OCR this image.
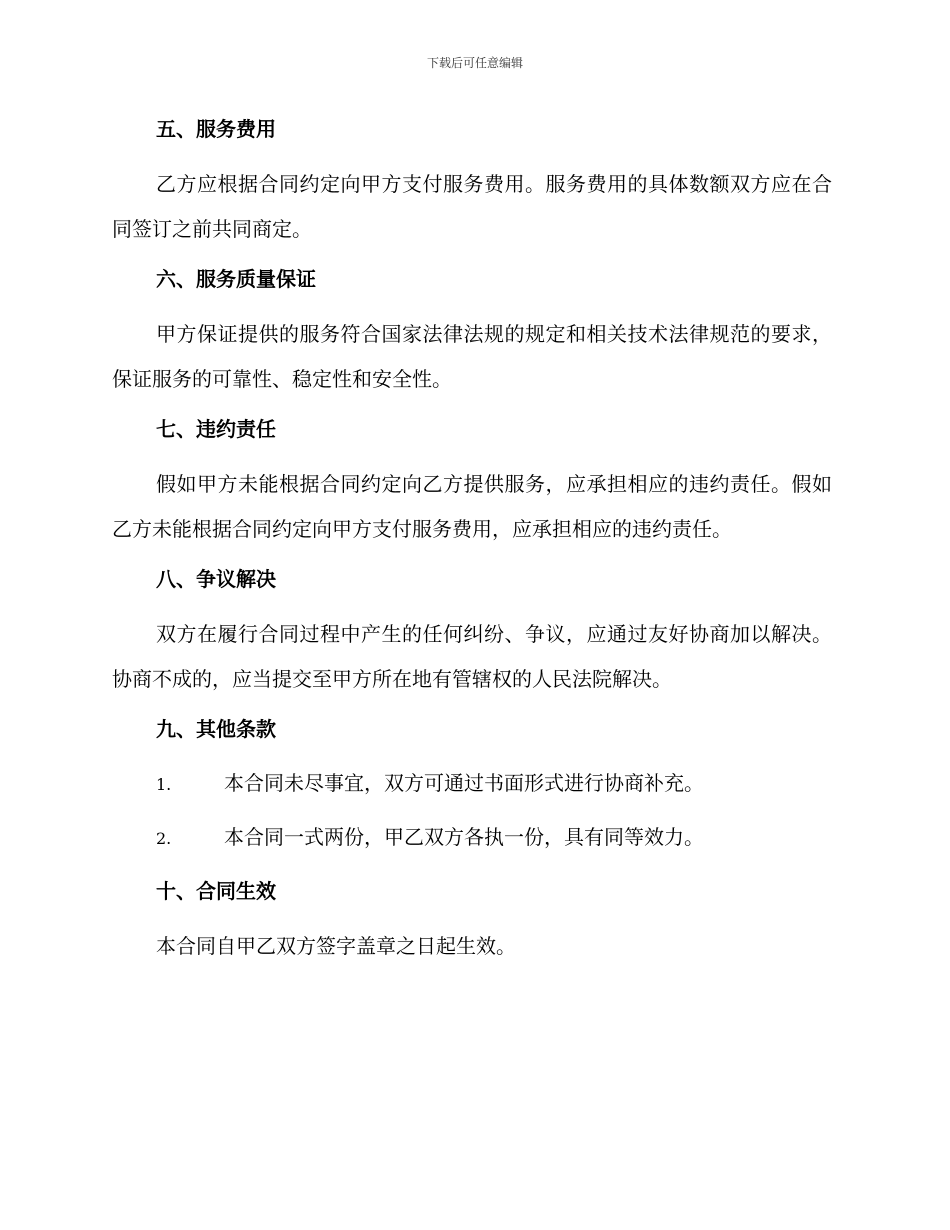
下载后可任意编辑
五、服务费用
乙方应根据合同约定向甲方支付服务费用。服务费用的具体数额双方应在合同签订之前共同商定。
六、服务质量保证
甲方保证提供的服务符合国家法律法规的规定和相关技术法律规范的要求，保证服务的可靠性、稳定性和安全性。
七、违约责任
假如甲方未能根据合同约定向乙方提供服务，应承担相应的违约责任。假如乙方未能根据合同约定向甲方支付服务费用，应承担相应的违约责任。
八、争议解决
双方在履行合同过程中产生的任何纠纷、争议，应通过友好协商加以解决。协商不成的，应当提交至甲方所在地有管辖权的人民法院解决。
九、其他条款
1.	本合同未尽事宜，双方可通过书面形式进行协商补充。
2.	本合同一式两份，甲乙双方各执一份，具有同等效力。
十、合同生效
本合同自甲乙双方签字盖章之日起生效。
